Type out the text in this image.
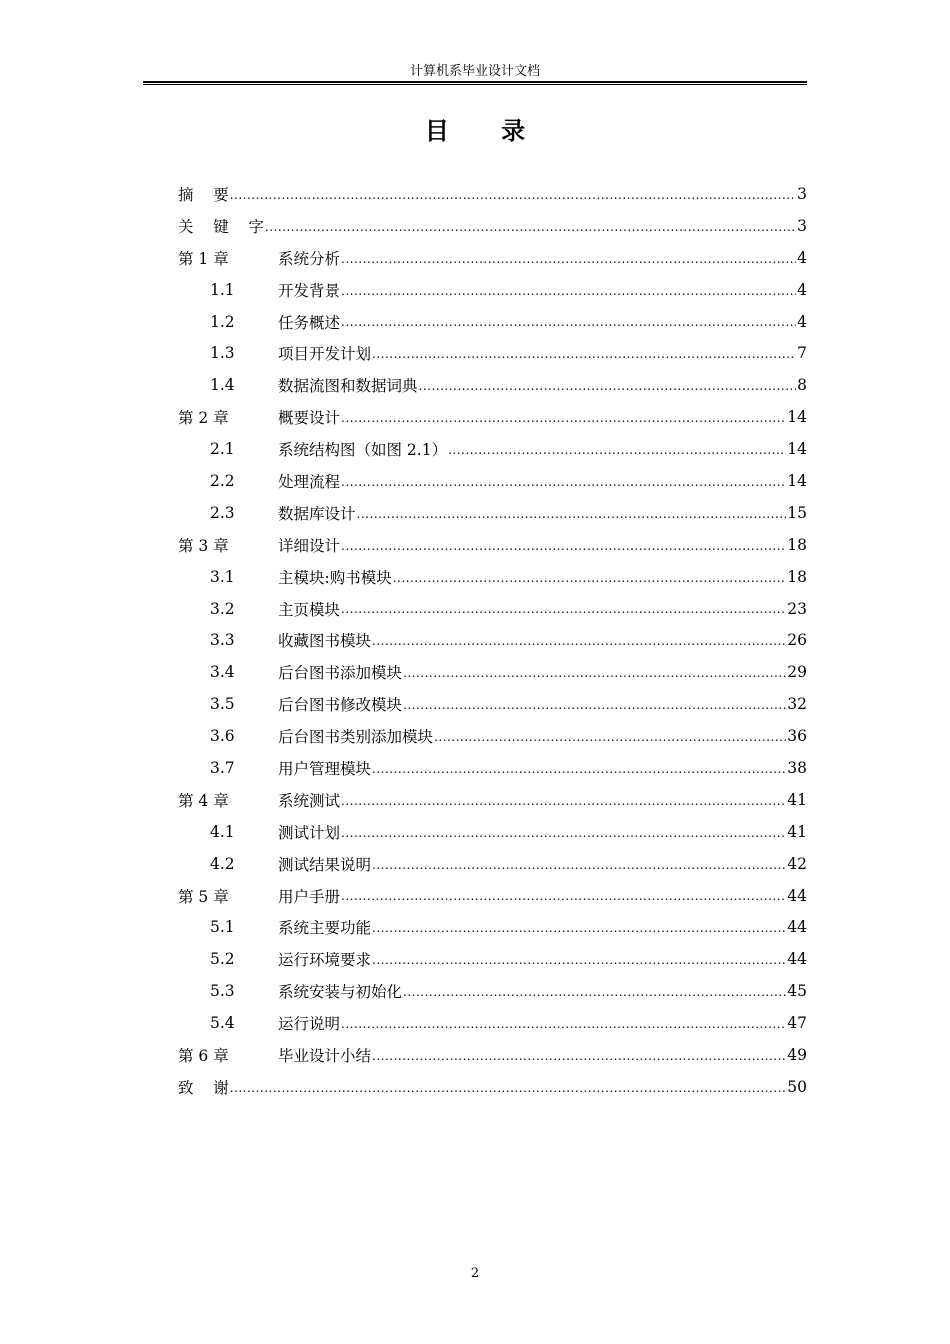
计算机系毕业设计文档
目 录
摘    要 .....	3
关    键    字 .....	3
第 1 章	系统分析 .....	4
1.1	开发背景 .....	4
1.2	任务概述 .....	4
1.3	项目开发计划 .....	7
1.4	数据流图和数据词典 .....	8
第 2 章	概要设计 .....	14
2.1	系统结构图（如图 2.1） .....	14
2.2	处理流程 .....	14
2.3	数据库设计 .....	15
第 3 章	详细设计 .....	18
3.1	主模块:购书模块 .....	18
3.2	主页模块 .....	23
3.3	收藏图书模块 .....	26
3.4	后台图书添加模块 .....	29
3.5	后台图书修改模块 .....	32
3.6	后台图书类别添加模块 .....	36
3.7	用户管理模块 .....	38
第 4 章	系统测试 .....	41
4.1	测试计划 .....	41
4.2	测试结果说明 .....	42
第 5 章	用户手册 .....	44
5.1	系统主要功能 .....	44
5.2	运行环境要求 .....	44
5.3	系统安装与初始化 .....	45
5.4	运行说明 .....	47
第 6 章	毕业设计小结 .....	49
致    谢 .....	50
2
